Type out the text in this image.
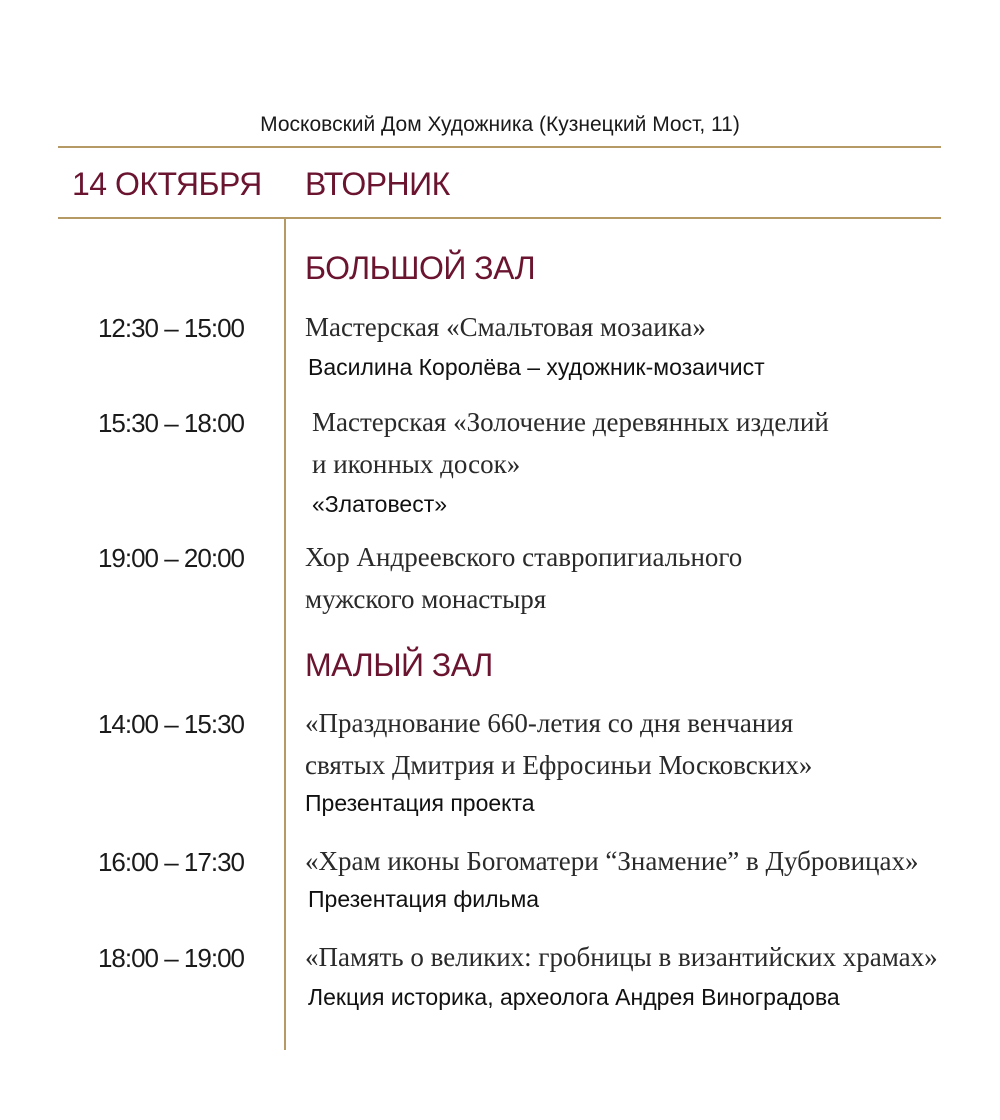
Московский Дом Художника (Кузнецкий Мост, 11)
14 ОКТЯБРЯ ВТОРНИК
БОЛЬШОЙ ЗАЛ
12:30 – 15:00 Мастерская «Смальтовая мозаика»
Василина Королёва – художник-мозаичист
15:30 – 18:00	Мастерская «Золочение деревянных изделий
и иконных досок»
«Златовест»
19:00 – 20:00 Хор Андреевского ставропигиального
мужского монастыря
МАЛЫЙ ЗАЛ
14:00 – 15:30 «Празднование 660-летия со дня венчания
святых Дмитрия и Ефросиньи Московских»
Презентация проекта
16:00 – 17:30 «Храм иконы Богоматери “Знамение” в Дубровицах»
Презентация фильма
18:00 – 19:00 «Память о великих: гробницы в византийских храмах»
Лекция историка, археолога Андрея Виноградова
